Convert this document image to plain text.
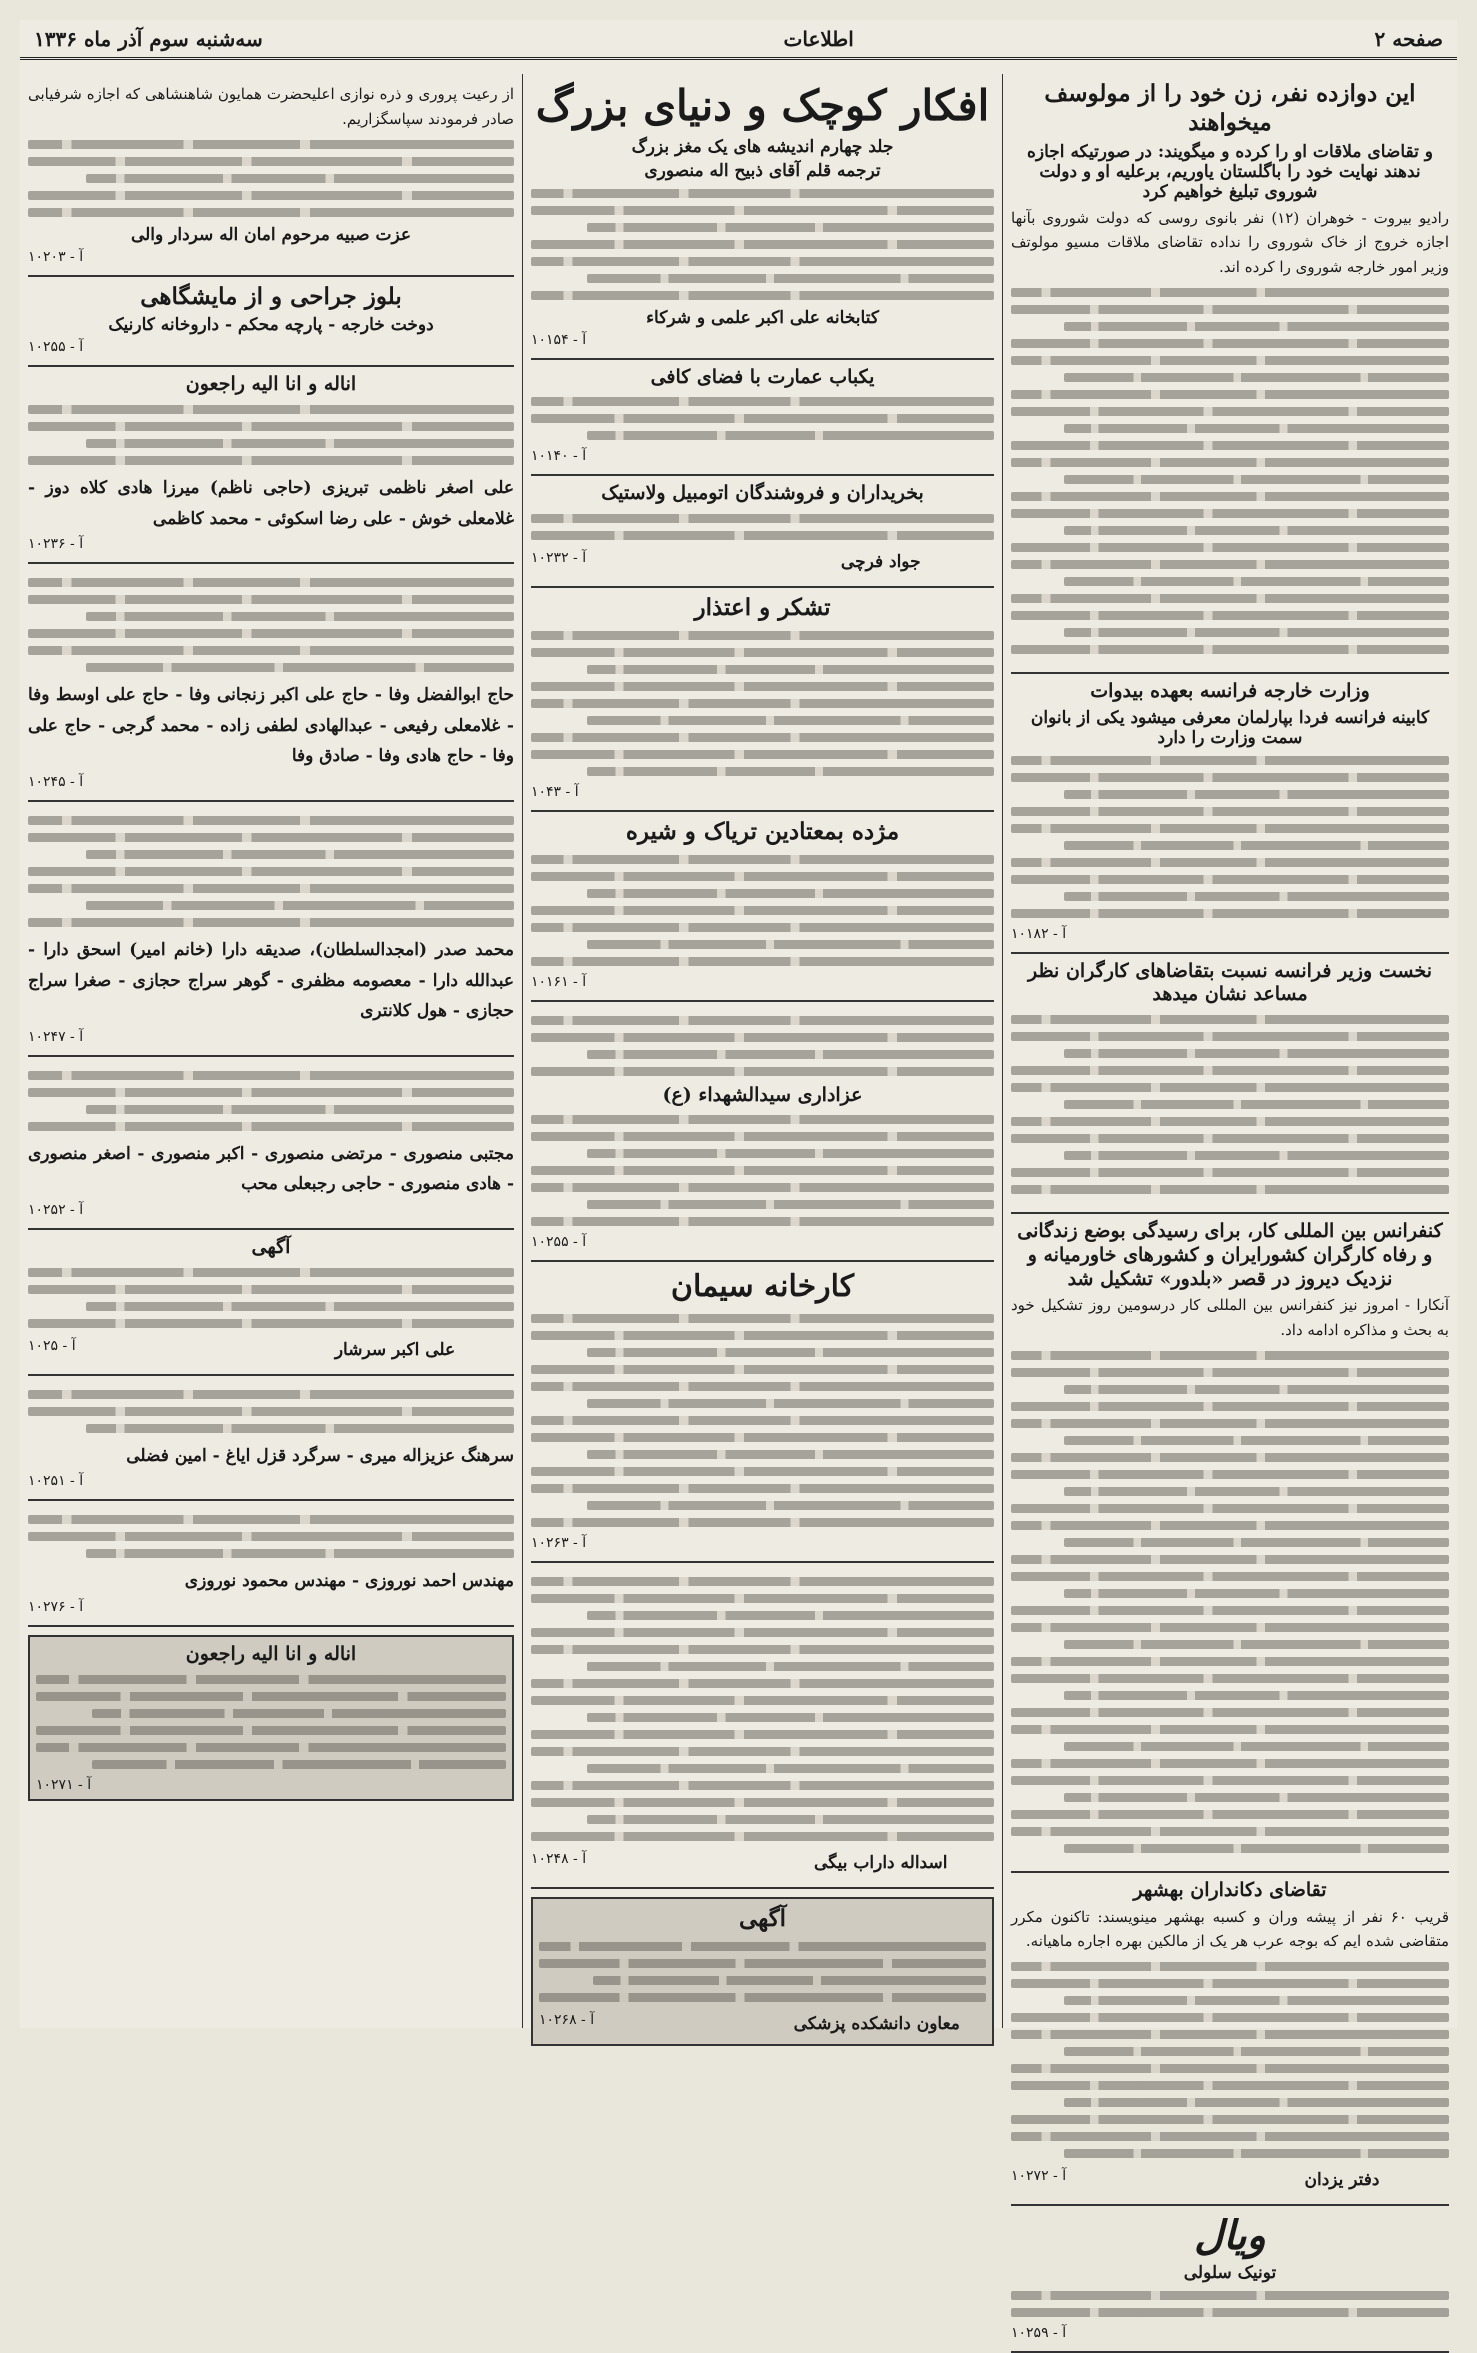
صفحه ۲
اطلاعات
سه‌شنبه سوم آذر ماه ۱۳۳۶
این دوازده نفر، زن خود را از مولوسف میخواهند
و تقاضای ملاقات او را کرده و میگویند: در صورتیکه اجازه ندهند نهایت خود را باگلستان یاوریم، برعلیه او و دولت شوروی تبلیغ خواهیم کرد
رادیو بیروت - خوهران (۱۲) نفر بانوی روسی که دولت شوروی بآنها اجازه خروج از خاک شوروی را نداده تقاضای ملاقات مسیو مولوتف وزیر امور خارجه شوروی را کرده اند.
وزارت خارجه فرانسه بعهده بیدوات
کابینه فرانسه فردا بپارلمان معرفی میشود یکی از بانوان سمت وزارت را دارد
آ - ۱۰۱۸۲
نخست وزیر فرانسه نسبت بتقاضاهای کارگران نظر مساعد نشان میدهد
کنفرانس بین المللی کار، برای رسیدگی بوضع زندگانی و رفاه کارگران کشورایران و کشورهای خاورمیانه و نزدیک دیروز در قصر «بلدور» تشکیل شد
آنکارا - امروز نیز کنفرانس بین المللی کار درسومین روز تشکیل خود به بحث و مذاکره ادامه داد.
تقاضای دکانداران بهشهر
قریب ۶۰ نفر از پیشه وران و کسبه بهشهر مینویسند: تاکنون مکرر متقاضی شده ایم که بوجه عرب هر یک از مالکین بهره اجاره ماهیانه.
دفتر یزدان
آ - ۱۰۲۷۲
ویال
تونیک سلولی
آ - ۱۰۲۵۹
افکار کوچک و دنیای بزرگ
جلد چهارم اندیشه های یک مغز بزرگ
ترجمه قلم آقای ذبیح اله منصوری
کتابخانه علی اکبر علمی و شرکاء
آ - ۱۰۱۵۴
یکباب عمارت با فضای کافی
آ - ۱۰۱۴۰
بخریداران و فروشندگان اتومبیل ولاستیک
جواد فرچی
آ - ۱۰۲۳۲
تشکر و اعتذار
آ - ۱۰۴۳
مژده بمعتادین تریاک و شیره
آ - ۱۰۱۶۱
عزاداری سیدالشهداء (ع)
آ - ۱۰۲۵۵
کارخانه سیمان
آ - ۱۰۲۶۳
اسداله داراب بیگی
آ - ۱۰۲۴۸
آگهی
معاون دانشکده پزشکی
آ - ۱۰۲۶۸
از رعیت پروری و ذره نوازی اعلیحضرت همایون شاهنشاهی که اجازه شرفیابی صادر فرمودند سپاسگزاریم.
عزت صبیه مرحوم امان اله سردار والی
آ - ۱۰۲۰۳
بلوز جراحی و از مایشگاهی
دوخت خارجه - پارچه محکم - داروخانه کارنیک
آ - ۱۰۲۵۵
اناله و انا الیه راجعون
علی اصغر ناظمی تبریزی (حاجی ناظم) میرزا هادی کلاه دوز - غلامعلی خوش - علی رضا اسکوئی - محمد کاظمی
آ - ۱۰۲۳۶
حاج ابوالفضل وفا - حاج علی اکبر زنجانی وفا - حاج علی اوسط وفا - غلامعلی رفیعی - عبدالهادی لطفی زاده - محمد گرجی - حاج علی وفا - حاج هادی وفا - صادق وفا
آ - ۱۰۲۴۵
محمد صدر (امجدالسلطان)، صدیقه دارا (خانم امیر) اسحق دارا - عبدالله دارا - معصومه مظفری - گوهر سراج حجازی - صغرا سراج حجازی - هول کلانتری
آ - ۱۰۲۴۷
مجتبی منصوری - مرتضی منصوری - اکبر منصوری - اصغر منصوری - هادی منصوری - حاجی رجبعلی محب
آ - ۱۰۲۵۲
آگهی
علی اکبر سرشار
آ - ۱۰۲۵
سرهنگ عزیزاله میری - سرگرد قزل ایاغ - امین فضلی
آ - ۱۰۲۵۱
مهندس احمد نوروزی - مهندس محمود نوروزی
آ - ۱۰۲۷۶
اناله و انا الیه راجعون
آ - ۱۰۲۷۱
